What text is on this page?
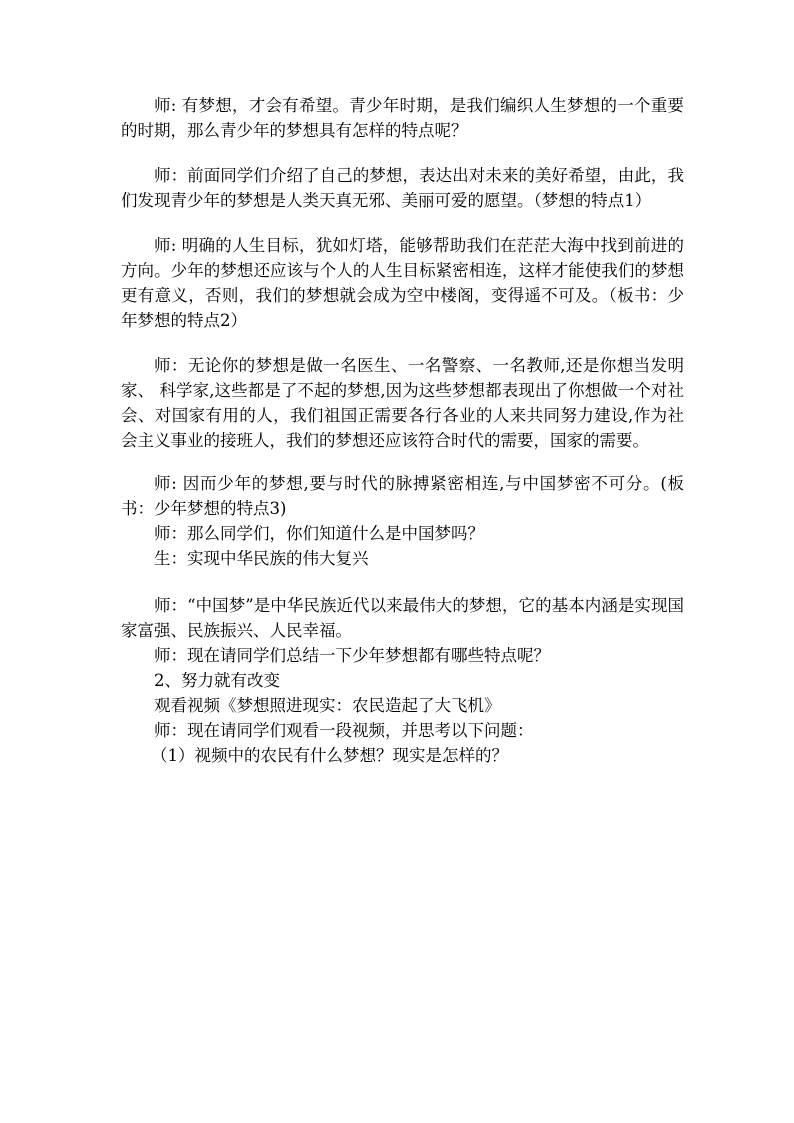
师: 有梦想，才会有希望。青少年时期，是我们编织人生梦想的一个重要的时期，那么青少年的梦想具有怎样的特点呢？

师：前面同学们介绍了自己的梦想，表达出对未来的美好希望，由此，我们发现青少年的梦想是人类天真无邪、美丽可爱的愿望。（梦想的特点1）

师: 明确的人生目标，犹如灯塔，能够帮助我们在茫茫大海中找到前进的方向。少年的梦想还应该与个人的人生目标紧密相连，这样才能使我们的梦想更有意义，否则，我们的梦想就会成为空中楼阁，变得遥不可及。（板书：少年梦想的特点2）

师：无论你的梦想是做一名医生、一名警察、一名教师,还是你想当发明家、 科学家,这些都是了不起的梦想,因为这些梦想都表现出了你想做一个对社会、对国家有用的人，我们祖国正需要各行各业的人来共同努力建设,作为社会主义事业的接班人，我们的梦想还应该符合时代的需要，国家的需要。

师: 因而少年的梦想,要与时代的脉搏紧密相连,与中国梦密不可分。(板书：少年梦想的特点3)

师：那么同学们，你们知道什么是中国梦吗？

生：实现中华民族的伟大复兴

师：“中国梦”是中华民族近代以来最伟大的梦想，它的基本内涵是实现国家富强、民族振兴、人民幸福。

师：现在请同学们总结一下少年梦想都有哪些特点呢？

2、努力就有改变

观看视频《梦想照进现实：农民造起了大飞机》

师：现在请同学们观看一段视频，并思考以下问题：

（1）视频中的农民有什么梦想？现实是怎样的？
